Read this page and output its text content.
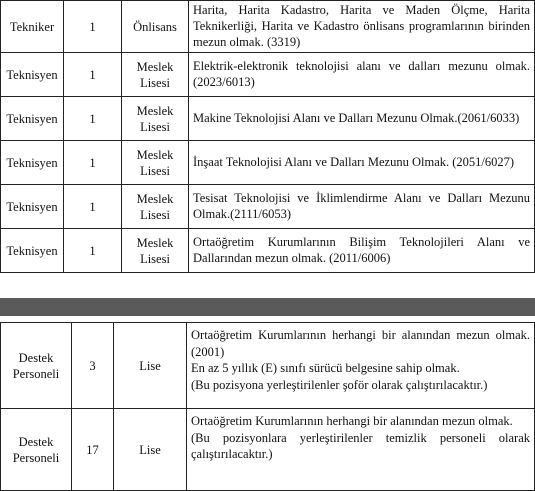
Tekniker	1	Önlisans	Harita, Harita Kadastro, Harita ve Maden Ölçme, Harita Teknikerliği, Harita ve Kadastro önlisans programlarının birinden mezun olmak. (3319)
Teknisyen	1	Meslek Lisesi	Elektrik-elektronik teknolojisi alanı ve dalları mezunu olmak. (2023/6013)
Teknisyen	1	Meslek Lisesi	Makine Teknolojisi Alanı ve Dalları Mezunu Olmak.(2061/6033)
Teknisyen	1	Meslek Lisesi	İnşaat Teknolojisi Alanı ve Dalları Mezunu Olmak. (2051/6027)
Teknisyen	1	Meslek Lisesi	Tesisat Teknolojisi ve İklimlendirme Alanı ve Dalları Mezunu Olmak.(2111/6053)
Teknisyen	1	Meslek Lisesi	Ortaöğretim Kurumlarının Bilişim Teknolojileri Alanı ve Dallarından mezun olmak. (2011/6006)
Destek Personeli	3	Lise	Ortaöğretim Kurumlarının herhangi bir alanından mezun olmak. (2001)
En az 5 yıllık (E) sınıfı sürücü belgesine sahip olmak.
(Bu pozisyona yerleştirilenler şoför olarak çalıştırılacaktır.)

Destek Personeli	17	Lise	Ortaöğretim Kurumlarının herhangi bir alanından mezun olmak.
(Bu pozisyonlara yerleştirilenler temizlik personeli olarak çalıştırılacaktır.)
